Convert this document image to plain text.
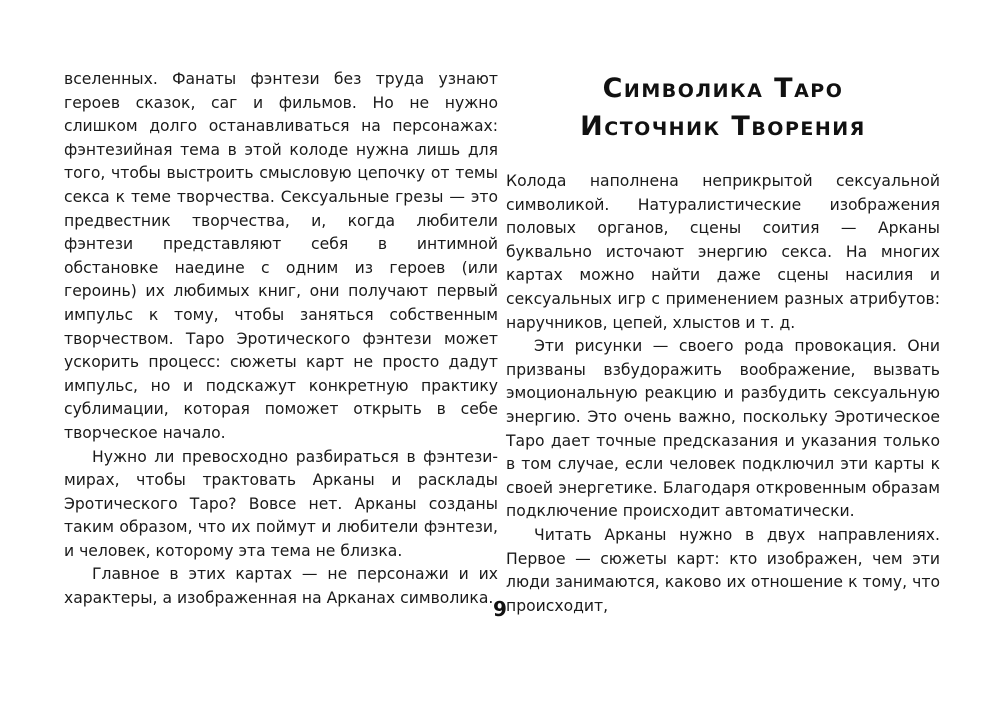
вселенных. Фанаты фэнтези без труда узнают героев сказок, саг и фильмов. Но не нужно слишком долго останавливаться на персонажах: фэнтезийная тема в этой колоде нужна лишь для того, чтобы выстроить смысловую цепочку от темы секса к теме творчества. Сексуальные грезы — это предвестник творчества, и, когда любители фэнтези представляют себя в интимной обстановке наедине с одним из героев (или героинь) их любимых книг, они получают первый импульс к тому, чтобы заняться собственным творчеством. Таро Эротического фэнтези может ускорить процесс: сюжеты карт не просто дадут импульс, но и подскажут конкретную практику сублимации, которая поможет открыть в себе творческое начало.

Нужно ли превосходно разбираться в фэнтези-мирах, чтобы трактовать Арканы и расклады Эротического Таро? Вовсе нет. Арканы созданы таким образом, что их поймут и любители фэнтези, и человек, которому эта тема не близка.

Главное в этих картах — не персонажи и их характеры, а изображенная на Арканах символика.

Символика Таро
Источник Творения

Колода наполнена неприкрытой сексуальной символикой. Натуралистические изображения половых органов, сцены соития — Арканы буквально источают энергию секса. На многих картах можно найти даже сцены насилия и сексуальных игр с применением разных атрибутов: наручников, цепей, хлыстов и т. д.

Эти рисунки — своего рода провокация. Они призваны взбудоражить воображение, вызвать эмоциональную реакцию и разбудить сексуальную энергию. Это очень важно, поскольку Эротическое Таро дает точные предсказания и указания только в том случае, если человек подключил эти карты к своей энергетике. Благодаря откровенным образам подключение происходит автоматически.

Читать Арканы нужно в двух направлениях. Первое — сюжеты карт: кто изображен, чем эти люди занимаются, каково их отношение к тому, что происходит,

9
